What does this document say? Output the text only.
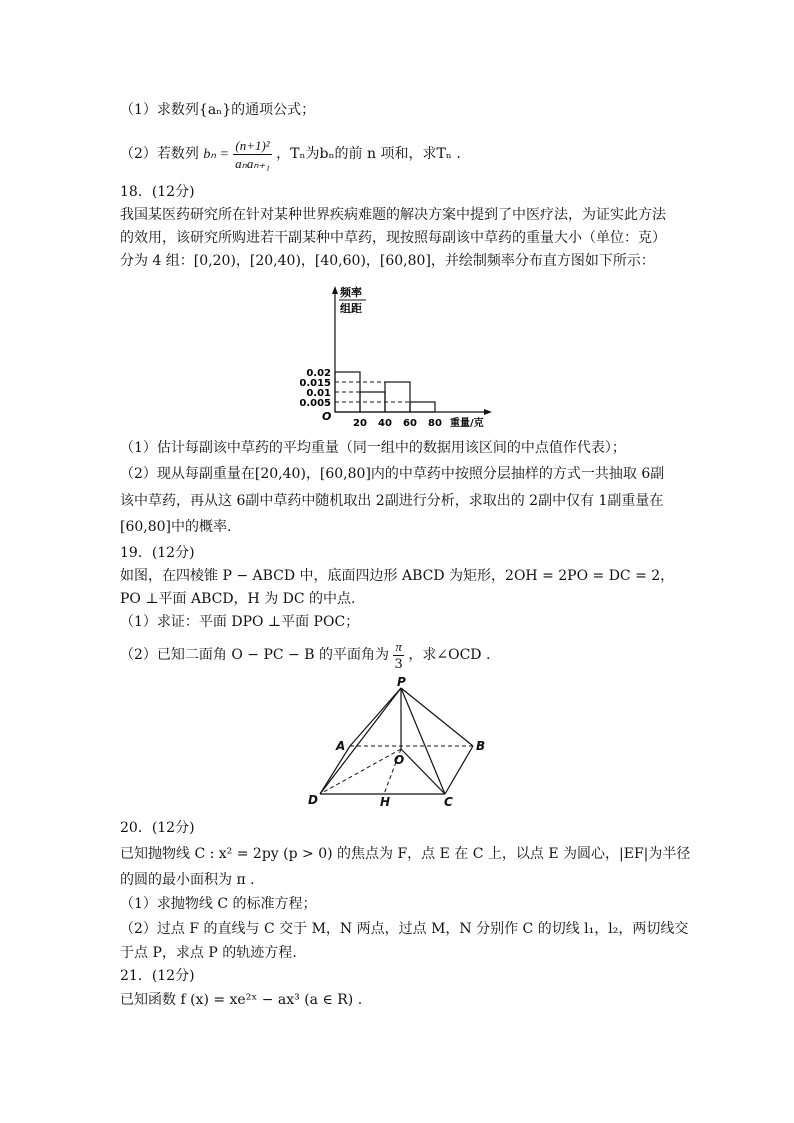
（1）求数列{aₙ}的通项公式；
（2）若数列 $b_n = \frac{\text{(n+1)²}}{\text{aₙaₙ₊₁}}$ ，Tₙ为bₙ的前 n 项和，求Tₙ .
18．(12分)
我国某医药研究所在针对某种世界疾病难题的解决方案中提到了中医疗法，为证实此方法
的效用，该研究所购进若干副某种中草药，现按照每副该中草药的重量大小（单位：克）
分为 4 组：[0,20)，[20,40)，[40,60)，[60,80]，并绘制频率分布直方图如下所示：
频率
组距
O
重量/克
0.02
0.015
0.01
0.005
20 40 60 80
（1）估计每副该中草药的平均重量（同一组中的数据用该区间的中点值作代表）；
（2）现从每副重量在[20,40)，[60,80]内的中草药中按照分层抽样的方式一共抽取 6副
该中草药，再从这 6副中草药中随机取出 2副进行分析，求取出的 2副中仅有 1副重量在
[60,80]中的概率.
19．(12分)
如图，在四棱锥 P − ABCD 中，底面四边形 ABCD 为矩形，2OH = 2PO = DC = 2，
PO ⊥平面 ABCD，H 为 DC 的中点.
（1）求证：平面 DPO ⊥平面 POC；
（2）已知二面角 O − PC − B 的平面角为 $\frac{\pi}{3}$ ，求∠OCD .
P
A	B
O
D	H	C
20．(12分)
已知抛物线 C : x² = 2py (p > 0) 的焦点为 F，点 E 在 C 上，以点 E 为圆心，|EF|为半径
的圆的最小面积为 π .
（1）求抛物线 C 的标准方程；
（2）过点 F 的直线与 C 交于 M，N 两点，过点 M，N 分别作 C 的切线 l₁，l₂，两切线交
于点 P，求点 P 的轨迹方程.
21．(12分)
已知函数 f (x) = xe²ˣ − ax³ (a ∈ R) .
